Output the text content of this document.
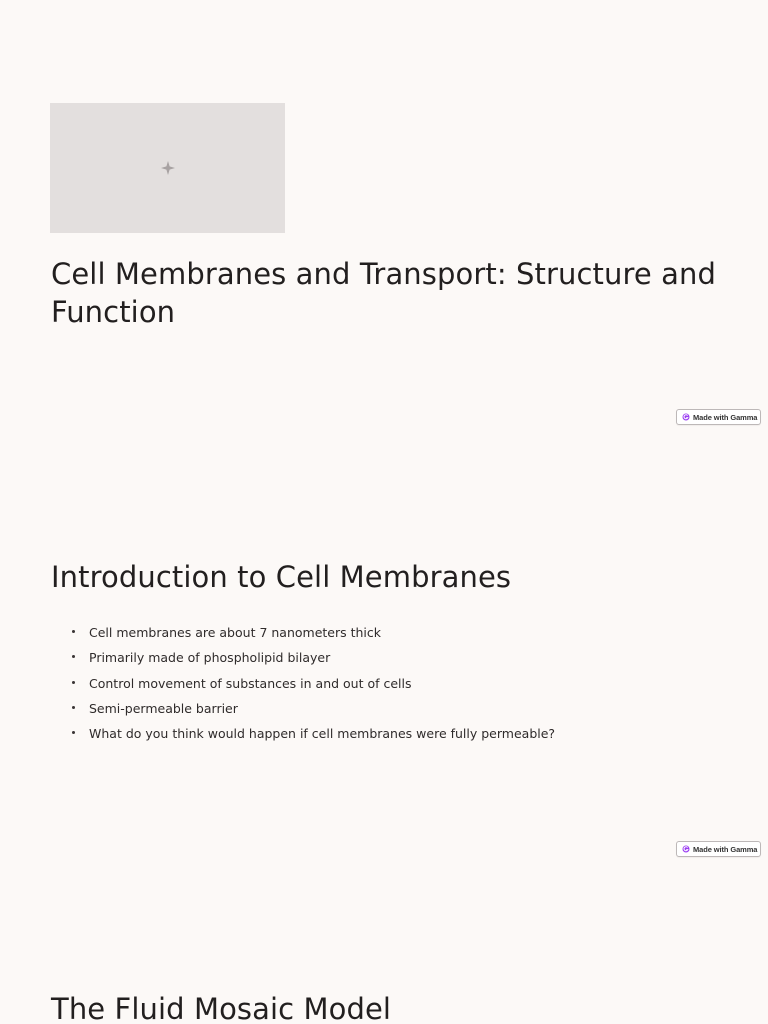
Cell Membranes and Transport: Structure and Function
Made with Gamma
Introduction to Cell Membranes
Cell membranes are about 7 nanometers thick
Primarily made of phospholipid bilayer
Control movement of substances in and out of cells
Semi-permeable barrier
What do you think would happen if cell membranes were fully permeable?
Made with Gamma
The Fluid Mosaic Model
